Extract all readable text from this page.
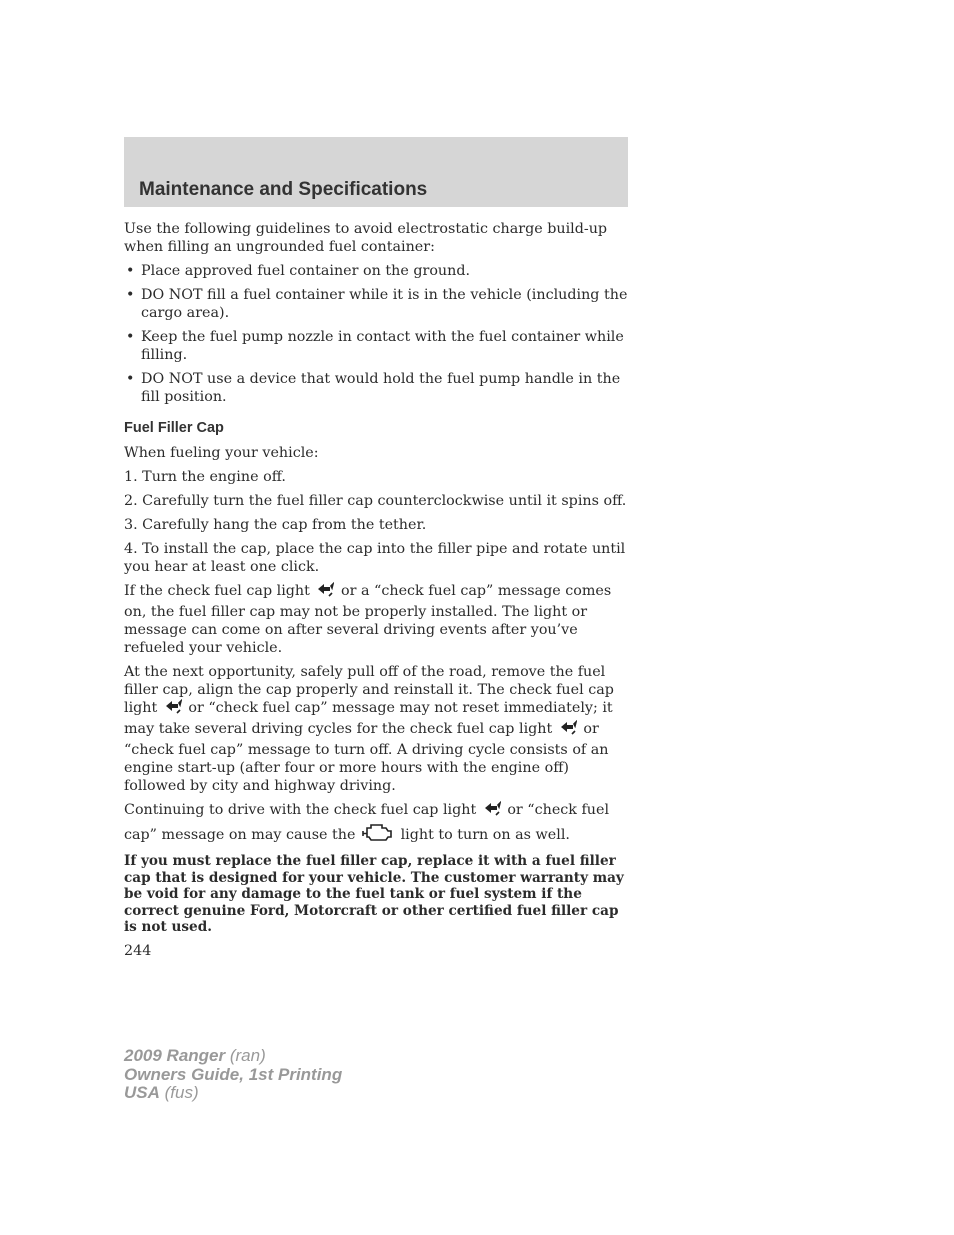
Maintenance and Specifications

Use the following guidelines to avoid electrostatic charge build-up when filling an ungrounded fuel container:

• Place approved fuel container on the ground.
• DO NOT fill a fuel container while it is in the vehicle (including the cargo area).
• Keep the fuel pump nozzle in contact with the fuel container while filling.
• DO NOT use a device that would hold the fuel pump handle in the fill position.
Fuel Filler Cap

When fueling your vehicle:

1. Turn the engine off.

2. Carefully turn the fuel filler cap counterclockwise until it spins off.

3. Carefully hang the cap from the tether.

4. To install the cap, place the cap into the filler pipe and rotate until you hear at least one click.

If the check fuel cap light or a “check fuel cap” message comes on, the fuel filler cap may not be properly installed. The light or message can come on after several driving events after you’ve refueled your vehicle.

At the next opportunity, safely pull off of the road, remove the fuel filler cap, align the cap properly and reinstall it. The check fuel cap light or “check fuel cap” message may not reset immediately; it may take several driving cycles for the check fuel cap light or “check fuel cap” message to turn off. A driving cycle consists of an engine start-up (after four or more hours with the engine off) followed by city and highway driving.

Continuing to drive with the check fuel cap light or “check fuel cap” message on may cause the	light to turn on as well.

If you must replace the fuel filler cap, replace it with a fuel filler cap that is designed for your vehicle. The customer warranty may be void for any damage to the fuel tank or fuel system if the correct genuine Ford, Motorcraft or other certified fuel filler cap is not used.

244

2009 Ranger (ran)
Owners Guide, 1st Printing
USA (fus)
